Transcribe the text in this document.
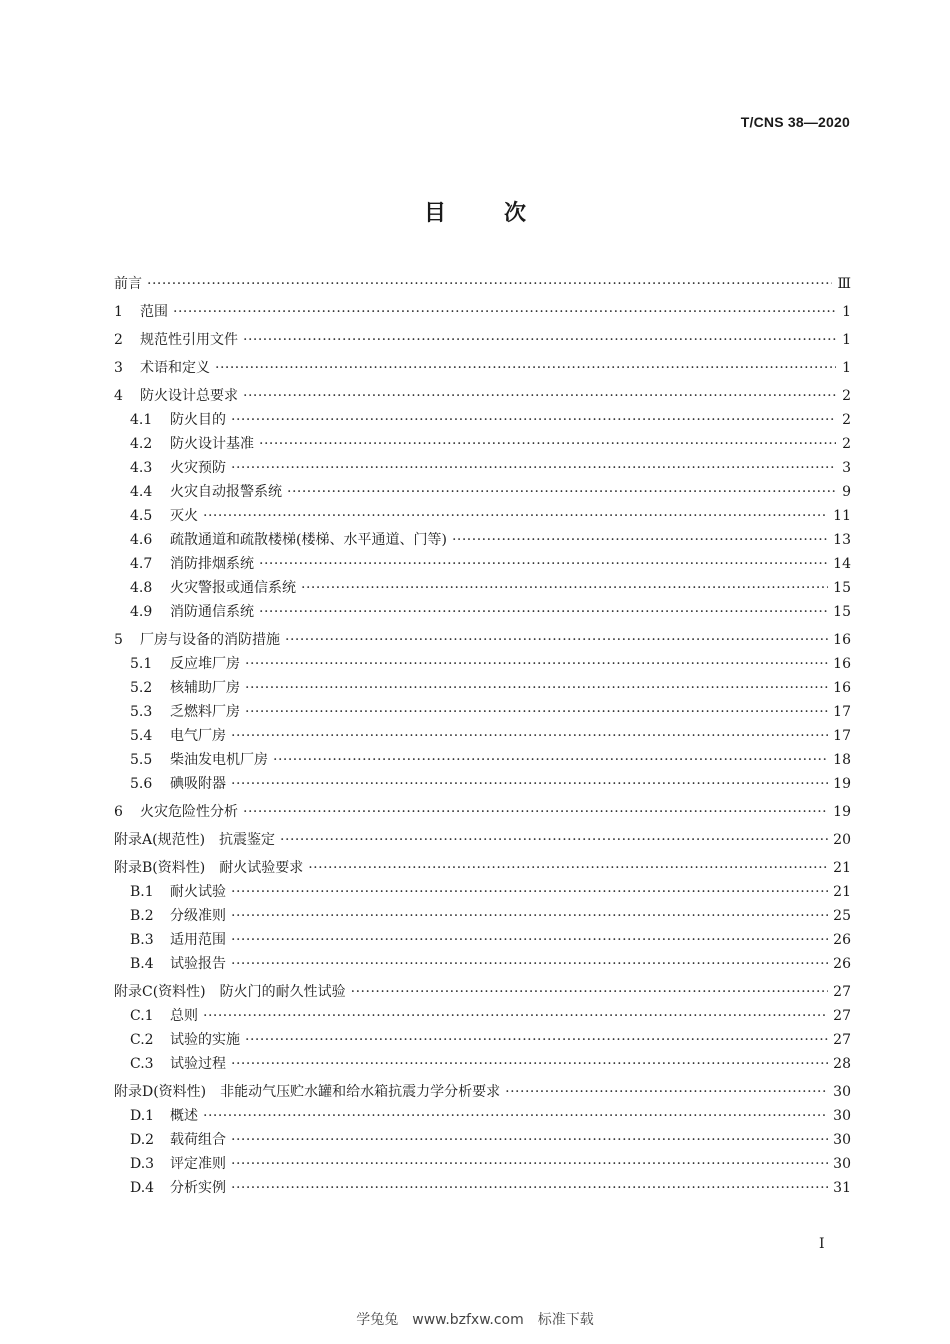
T/CNS 38—2020
目次
前言 ·····	Ⅲ
1	范围 ·····	1
2	规范性引用文件 ·····	1
3	术语和定义 ·····	1
4	防火设计总要求 ·····	2
4.1	防火目的 ·····	2
4.2	防火设计基准 ·····	2
4.3	火灾预防 ·····	3
4.4	火灾自动报警系统 ·····	9
4.5	灭火 ·····	11
4.6	疏散通道和疏散楼梯(楼梯、水平通道、门等) ·····	13
4.7	消防排烟系统 ·····	14
4.8	火灾警报或通信系统 ·····	15
4.9	消防通信系统 ·····	15
5	厂房与设备的消防措施 ·····	16
5.1	反应堆厂房 ·····	16
5.2	核辅助厂房 ·····	16
5.3	乏燃料厂房 ·····	17
5.4	电气厂房 ·····	17
5.5	柴油发电机厂房 ·····	18
5.6	碘吸附器 ·····	19
6	火灾危险性分析 ·····	19
附录A(规范性)　抗震鉴定 ·····	20
附录B(资料性)　耐火试验要求 ·····	21
B.1	耐火试验 ·····	21
B.2	分级准则 ·····	25
B.3	适用范围 ·····	26
B.4	试验报告 ·····	26
附录C(资料性)　防火门的耐久性试验 ·····	27
C.1	总则 ·····	27
C.2	试验的实施 ·····	27
C.3	试验过程 ·····	28
附录D(资料性)　非能动气压贮水罐和给水箱抗震力学分析要求 ·····	30
D.1	概述 ·····	30
D.2	载荷组合 ·····	30
D.3	评定准则 ·····	30
D.4	分析实例 ·····	31
Ⅰ
学兔兔　www.bzfxw.com　标准下载
